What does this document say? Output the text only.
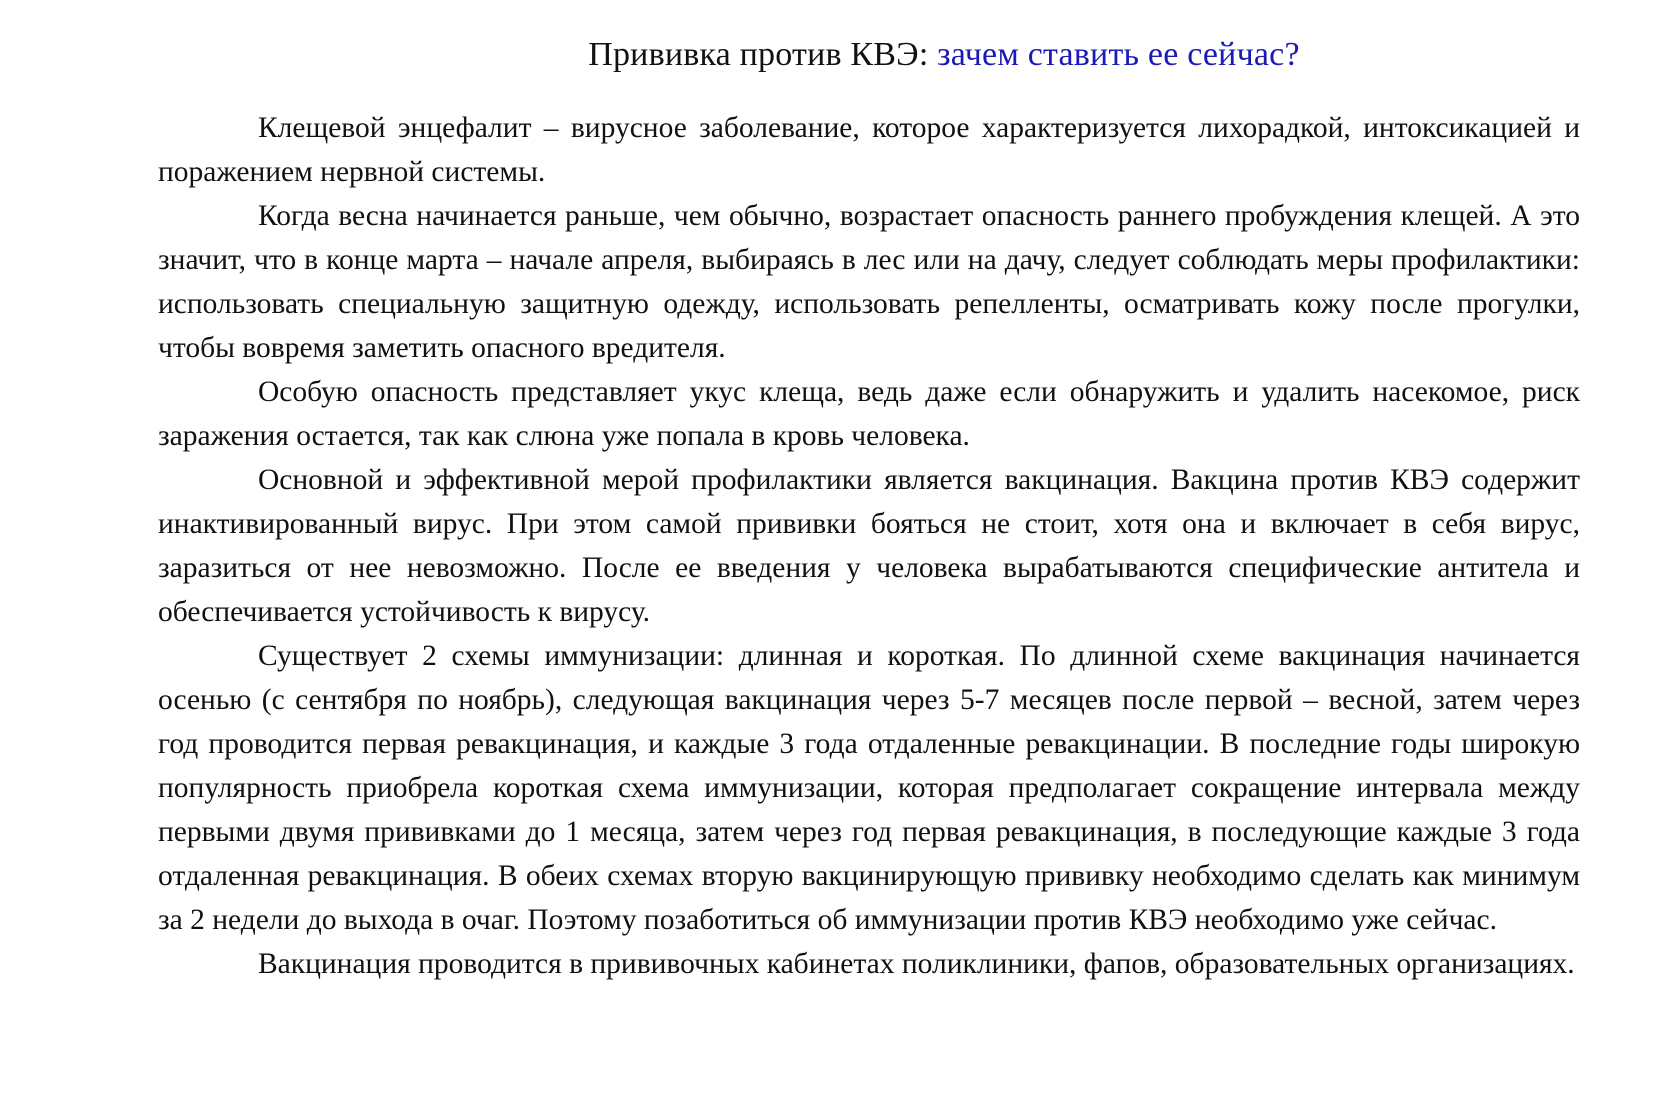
Прививка против КВЭ: зачем ставить ее сейчас?

Клещевой энцефалит – вирусное заболевание, которое характеризуется лихорадкой, интоксикацией и поражением нервной системы.

Когда весна начинается раньше, чем обычно, возрастает опасность раннего пробуждения клещей. А это значит, что в конце марта – начале апреля, выбираясь в лес или на дачу, следует соблюдать меры профилактики: использовать специальную защитную одежду, использовать репелленты, осматривать кожу после прогулки, чтобы вовремя заметить опасного вредителя.

Особую опасность представляет укус клеща, ведь даже если обнаружить и удалить насекомое, риск заражения остается, так как слюна уже попала в кровь человека.

Основной и эффективной мерой профилактики является вакцинация. Вакцина против КВЭ содержит инактивированный вирус. При этом самой прививки бояться не стоит, хотя она и включает в себя вирус, заразиться от нее невозможно. После ее введения у человека вырабатываются специфические антитела и обеспечивается устойчивость к вирусу.

Существует 2 схемы иммунизации: длинная и короткая. По длинной схеме вакцинация начинается осенью (с сентября по ноябрь), следующая вакцинация через 5-7 месяцев после первой – весной, затем через год проводится первая ревакцинация, и каждые 3 года отдаленные ревакцинации. В последние годы широкую популярность приобрела короткая схема иммунизации, которая предполагает сокращение интервала между первыми двумя прививками до 1 месяца, затем через год первая ревакцинация, в последующие каждые 3 года отдаленная ревакцинация. В обеих схемах вторую вакцинирующую прививку необходимо сделать как минимум за 2 недели до выхода в очаг. Поэтому позаботиться об иммунизации против КВЭ необходимо уже сейчас.

Вакцинация проводится в прививочных кабинетах поликлиники, фапов, образовательных организациях.
